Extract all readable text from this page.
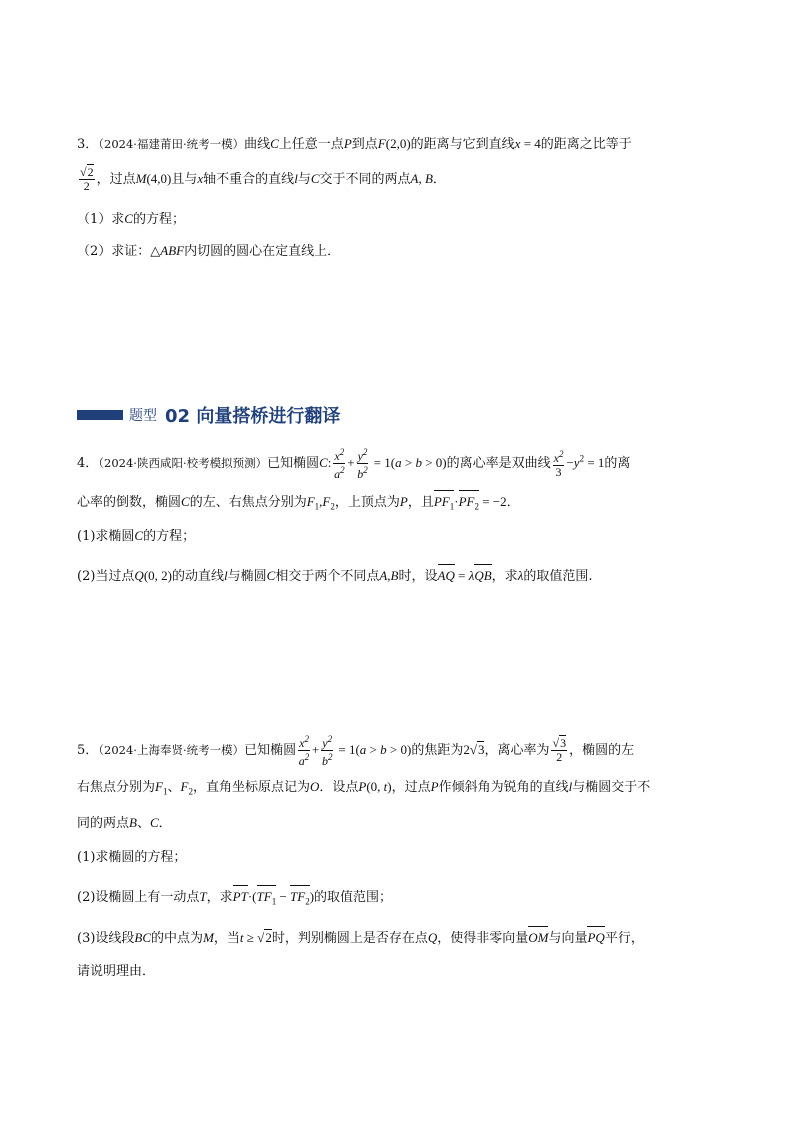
3．（2024·福建莆田·统考一模）曲线C上任意一点P到点F(2,0)的距离与它到直线x = 4的距离之比等于
$\frac{√2}{2}$ ，过点M(4,0)且与x轴不重合的直线l与C交于不同的两点A, B．
（1）求C的方程；
（2）求证：△ABF内切圆的圆心在定直线上．
题型 02 向量搭桥进行翻译
4．（2024·陕西咸阳·校考模拟预测）已知椭圆C: $\frac{x^2}{a^2} + \frac{y^2}{b^2} = 1(a > b > 0)$的离心率是双曲线 $\frac{x^2}{3} -y^2 = 1$的离
心率的倒数，椭圆C的左、右焦点分别为$F_1,F_2$，上顶点为P，且$PF_1\cdot PF_2 = -2$．
(1)求椭圆C的方程；
(2)当过点Q(0, 2)的动直线l与椭圆C相交于两个不同点A,B时，设AQ = λQB，求λ的取值范围.
5．（2024·上海奉贤·统考一模）已知椭圆 $\frac{x^2}{a^2} + \frac{y^2}{b^2} = 1(a > b > 0)$的焦距为2√3，离心率为 $\frac{√3}{2}$ ，椭圆的左
右焦点分别为$F_1$、$F_2$，直角坐标原点记为O．设点P(0, t)，过点P作倾斜角为锐角的直线l与椭圆交于不
同的两点B、C．
(1)求椭圆的方程；
(2)设椭圆上有一动点T，求$PT\cdot(TF_1 - TF_2)$的取值范围；
(3)设线段BC的中点为M，当t ≥ √2时，判别椭圆上是否存在点Q，使得非零向量OM与向量PQ平行，
请说明理由．
